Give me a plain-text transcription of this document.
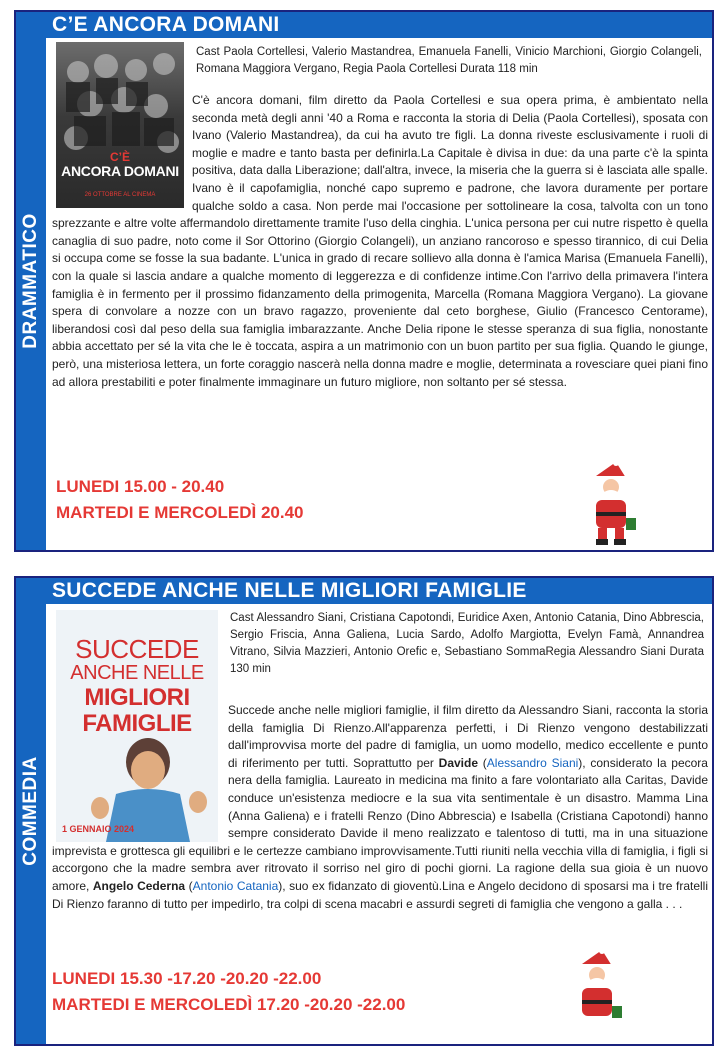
DRAMMATICO
C’E ANCORA DOMANI
C’È
ANCORA DOMANI
26 OTTOBRE AL CINEMA
Cast Paola Cortellesi, Valerio Mastandrea, Emanuela Fanelli, Vinicio Marchioni, Giorgio Colangeli, Romana Maggiora Vergano, Regia Paola Cortellesi Durata 118 min

C'è ancora domani, film diretto da Paola Cortellesi e sua opera prima, è ambientato nella seconda metà degli anni '40 a Roma e racconta la storia di Delia (Paola Cortellesi), sposata con Ivano (Valerio Mastandrea), da cui ha avuto tre figli. La donna riveste esclusivamente i ruoli di moglie e madre e tanto basta per definirla.La Capitale è divisa in due: da una parte c'è la spinta positiva, data dalla Liberazione; dall'altra, invece, la miseria che la guerra si è lasciata alle spalle. Ivano è il capofamiglia, nonché capo supremo e padrone, che lavora duramente per portare qualche soldo a casa. Non perde mai l'occasione per sottolineare la cosa, talvolta con un tono sprezzante e altre volte affermandolo direttamente tramite l'uso della cinghia. L'unica persona per cui nutre rispetto è quella canaglia di suo padre, noto come il Sor Ottorino (Giorgio Colangeli), un anziano rancoroso e spesso tirannico, di cui Delia si occupa come se fosse la sua badante. L'unica in grado di recare sollievo alla donna è l'amica Marisa (Emanuela Fanelli), con la quale si lascia andare a qualche momento di leggerezza e di confidenze intime.Con l'arrivo della primavera l'intera famiglia è in fermento per il prossimo fidanzamento della primogenita, Marcella (Romana Maggiora Vergano). La giovane spera di convolare a nozze con un bravo ragazzo, proveniente dal ceto borghese, Giulio (Francesco Centorame), liberandosi così dal peso della sua famiglia imbarazzante. Anche Delia ripone le stesse speranza di sua figlia, nonostante abbia accettato per sé la vita che le è toccata, aspira a un matrimonio con un buon partito per sua figlia. Quando le giunge, però, una misteriosa lettera, un forte coraggio nascerà nella donna madre e moglie, determinata a rovesciare quei piani fino ad allora prestabiliti e poter finalmente immaginare un futuro migliore, non soltanto per sé stessa.

LUNEDI 15.00 - 20.40
MARTEDI E MERCOLEDÌ 20.40
COMMEDIA
SUCCEDE ANCHE NELLE MIGLIORI FAMIGLIE
SUCCEDE
ANCHE NELLE
MIGLIORI
FAMIGLIE
1 GENNAIO 2024
Cast Alessandro Siani, Cristiana Capotondi, Euridice Axen, Antonio Catania, Dino Abbrescia, Sergio Friscia, Anna Galiena, Lucia Sardo, Adolfo Margiotta, Evelyn Famà, Annandrea Vitrano, Silvia Mazzieri, Antonio Orefic e, Sebastiano SommaRegia Alessandro Siani Durata 130 min

Succede anche nelle migliori famiglie, il film diretto da Alessandro Siani, racconta la storia della famiglia Di Rienzo.All'apparenza perfetti, i Di Rienzo vengono destabilizzati dall'improvvisa morte del padre di famiglia, un uomo modello, medico eccellente e punto di riferimento per tutti. Soprattutto per Davide (Alessandro Siani), considerato la pecora nera della famiglia. Laureato in medicina ma finito a fare volontariato alla Caritas, Davide conduce un'esistenza mediocre e la sua vita sentimentale è un disastro. Mamma Lina (Anna Galiena) e i fratelli Renzo (Dino Abbrescia) e Isabella (Cristiana Capotondi) hanno sempre considerato Davide il meno realizzato e talentoso di tutti, ma in una situazione imprevista e grottesca gli equilibri e le certezze cambiano improvvisamente.Tutti riuniti nella vecchia villa di famiglia, i figli si accorgono che la madre sembra aver ritrovato il sorriso nel giro di pochi giorni. La ragione della sua gioia è un nuovo amore, Angelo Cederna (Antonio Catania), suo ex fidanzato di gioventù.Lina e Angelo decidono di sposarsi ma i tre fratelli Di Rienzo faranno di tutto per impedirlo, tra colpi di scena macabri e assurdi segreti di famiglia che vengono a galla . . .

LUNEDI 15.30 -17.20 -20.20 -22.00
MARTEDI E MERCOLEDÌ 17.20 -20.20 -22.00
